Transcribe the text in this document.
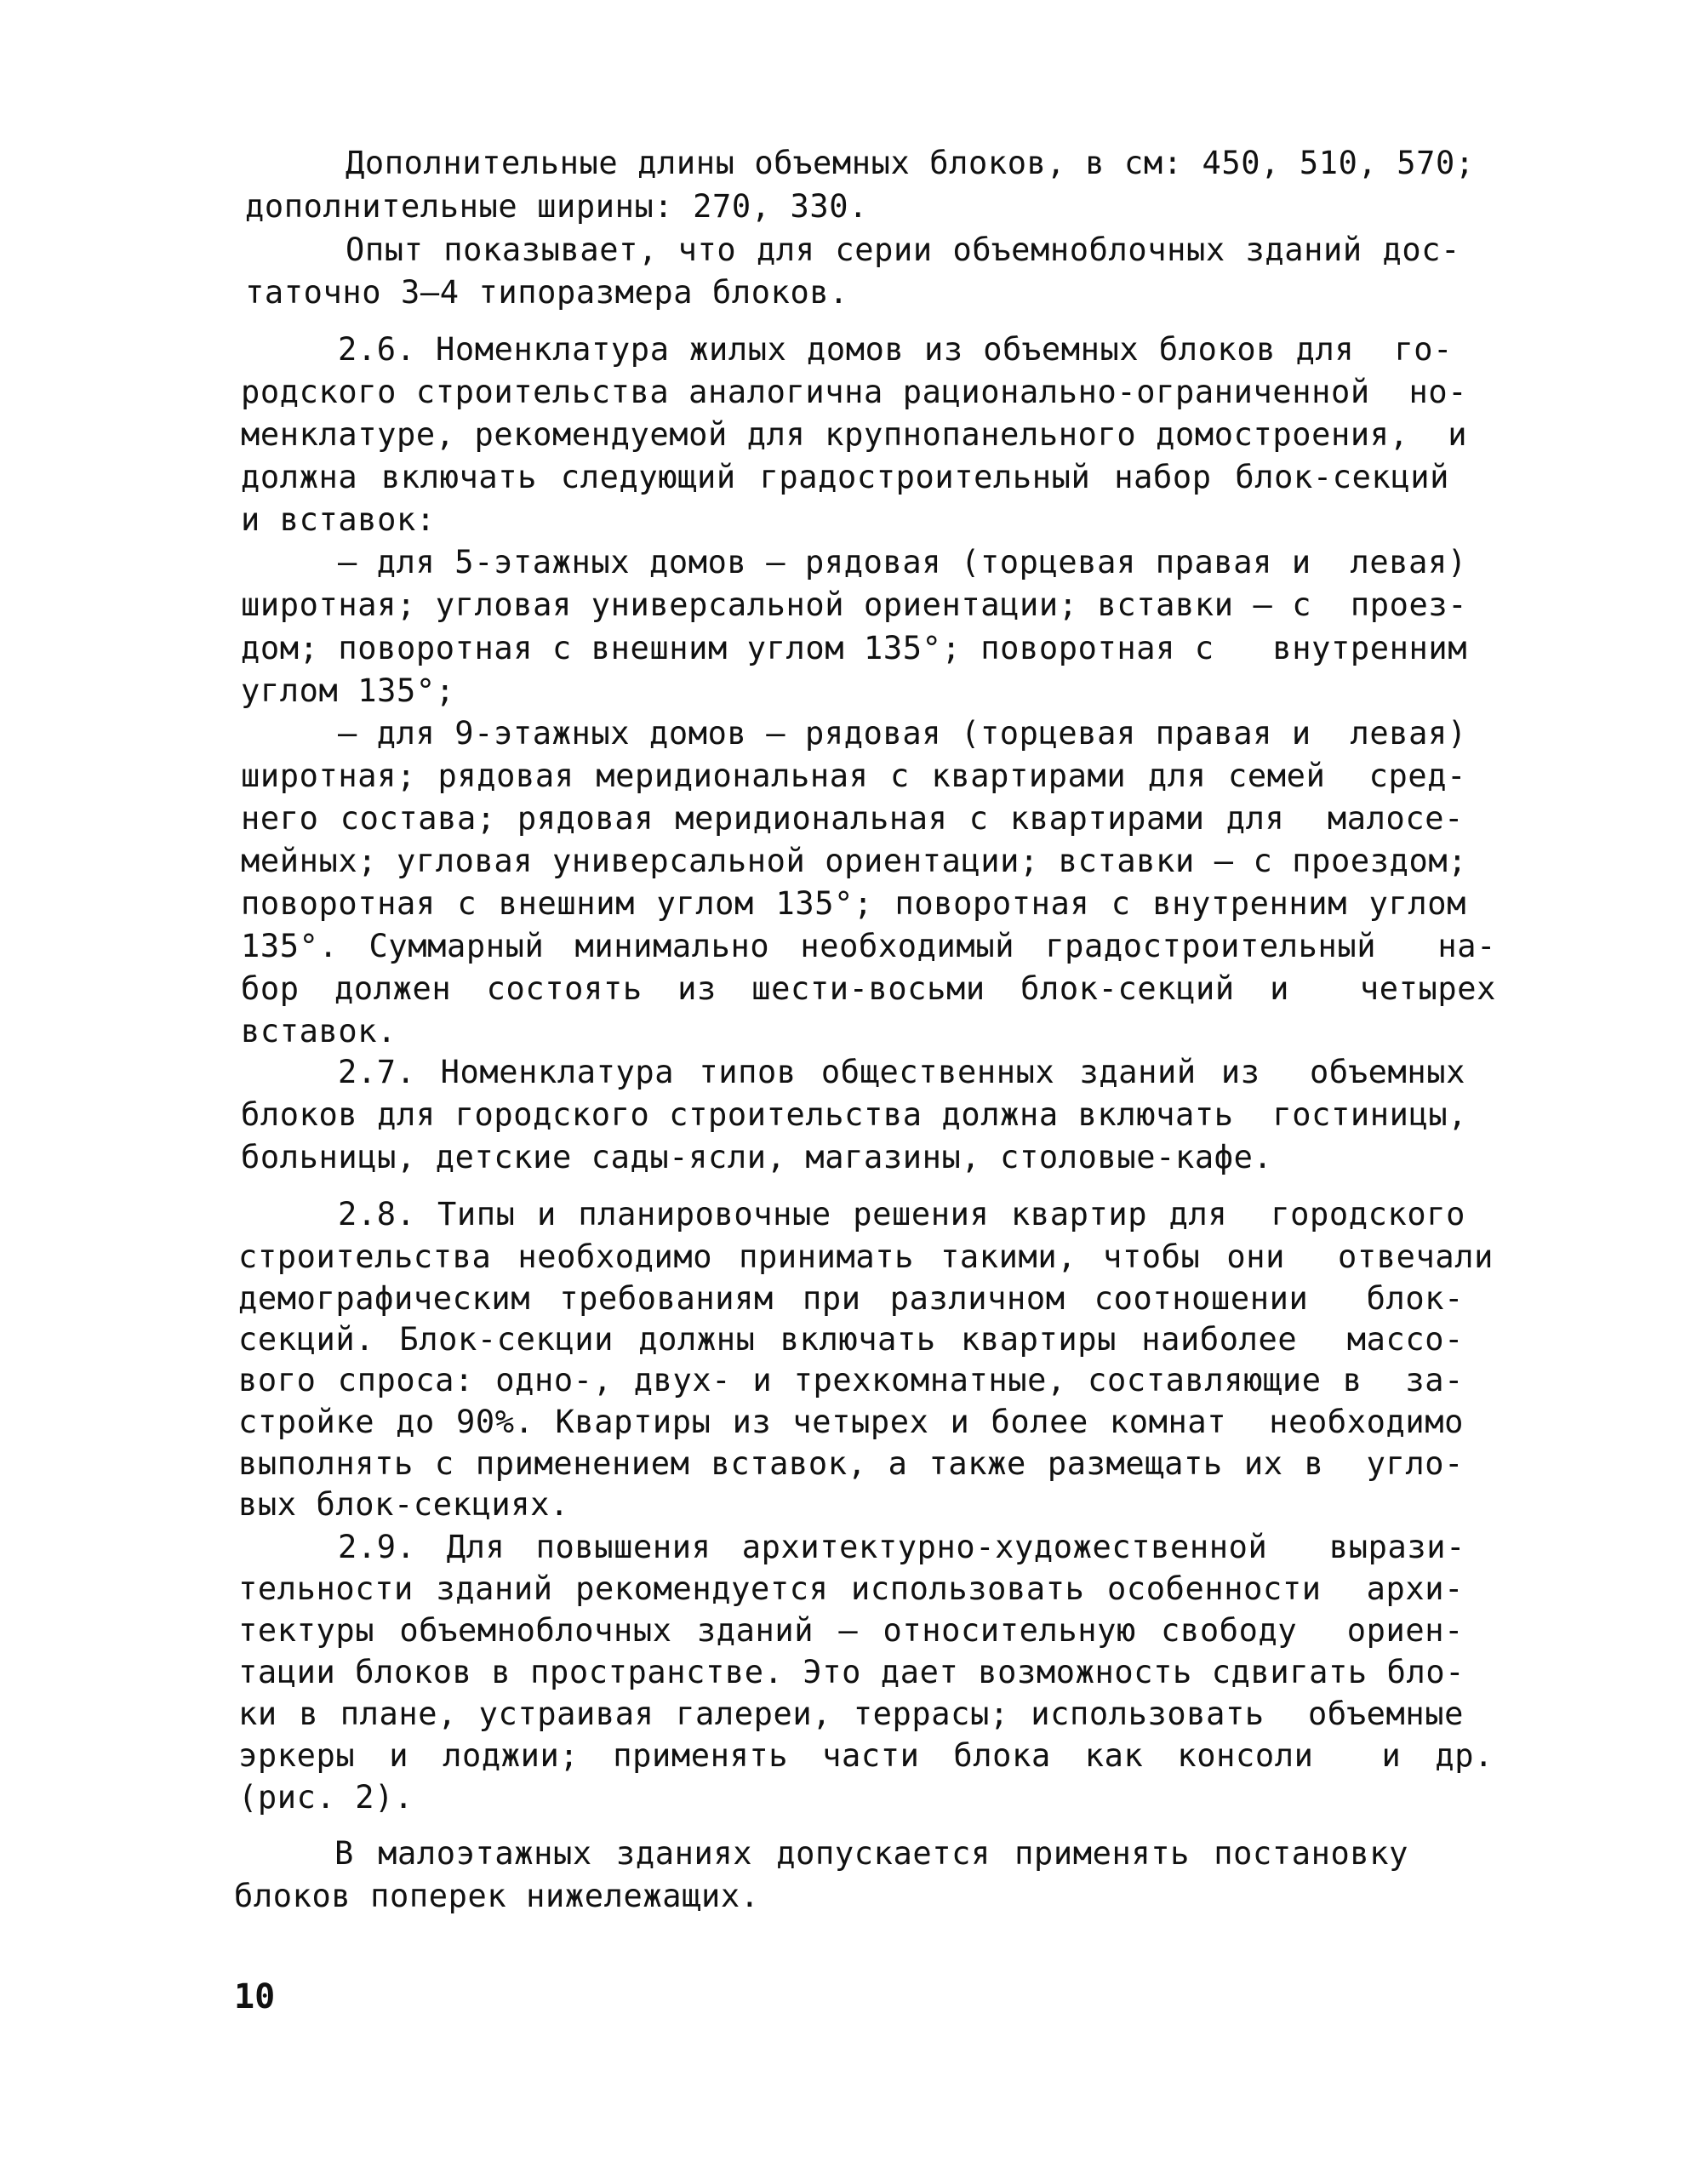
Дополнительные длины объемных блоков, в см: 450, 510, 570;

дополнительные ширины: 270, 330.

Опыт показывает, что для серии объемноблочных зданий дос-

таточно 3–4 типоразмера блоков.

2.6. Номенклатура жилых домов из объемных блоков для  го-

родского строительства аналогична рационально-ограниченной  но-

менклатуре, рекомендуемой для крупнопанельного домостроения,  и

должна включать следующий градостроительный набор блок-секций

и вставок:

– для 5-этажных домов – рядовая (торцевая правая и  левая)

широтная; угловая универсальной ориентации; вставки – с  проез-

дом; поворотная с внешним углом 135°; поворотная с   внутренним

углом 135°;

– для 9-этажных домов – рядовая (торцевая правая и  левая)

широтная; рядовая меридиональная с квартирами для семей  сред-

него состава; рядовая меридиональная с квартирами для  малосе-

мейных; угловая универсальной ориентации; вставки – с проездом;

поворотная с внешним углом 135°; поворотная с внутренним углом

135°. Суммарный минимально необходимый градостроительный  на-

бор должен состоять из шести-восьми блок-секций и  четырех

вставок.

2.7. Номенклатура типов общественных зданий из  объемных

блоков для городского строительства должна включать  гостиницы,

больницы, детские сады-ясли, магазины, столовые-кафе.

2.8. Типы и планировочные решения квартир для  городского

строительства необходимо принимать такими, чтобы они  отвечали

демографическим требованиям при различном соотношении  блок-

секций. Блок-секции должны включать квартиры наиболее  массо-

вого спроса: одно-, двух- и трехкомнатные, составляющие в  за-

стройке до 90%. Квартиры из четырех и более комнат  необходимо

выполнять с применением вставок, а также размещать их в  угло-

вых блок-секциях.

2.9. Для повышения архитектурно-художественной  вырази-

тельности зданий рекомендуется использовать особенности  архи-

тектуры объемноблочных зданий – относительную свободу  ориен-

тации блоков в пространстве. Это дает возможность сдвигать бло-

ки в плане, устраивая галереи, террасы; использовать  объемные

эркеры и лоджии; применять части блока как консоли  и др.

(рис. 2).

В малоэтажных зданиях допускается применять постановку

блоков поперек нижележащих.

10
